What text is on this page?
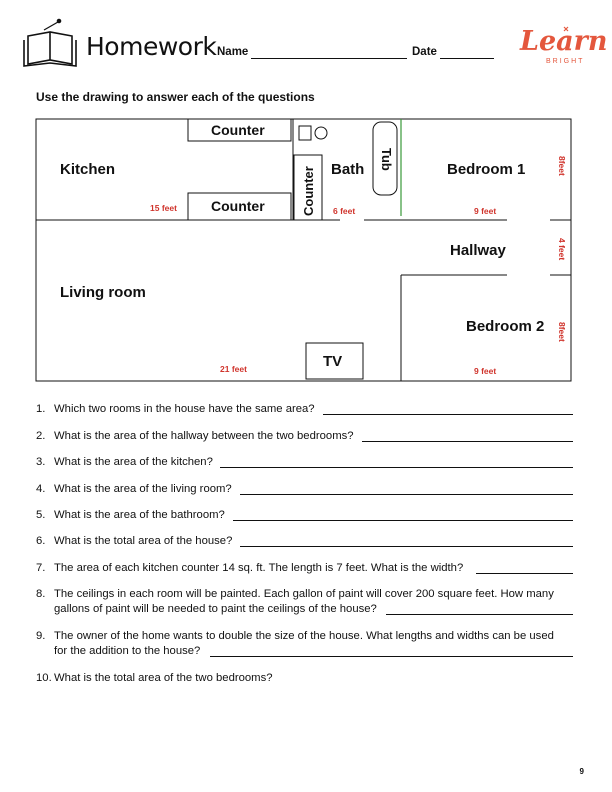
Homework Name	Date	Learn
BRIGHT
Use the drawing to answer each of the questions
Kitchen	Bath	Bedroom 1
Hallway
Living room
Bedroom 2
Counter
Counter	Counter
Tub
TV
15 feet	6 feet	9 feet
8feet
4 feet
8feet
21 feet	9 feet
1. Which two rooms in the house have the same area?
2. What is the area of the hallway between the two bedrooms?
3. What is the area of the kitchen?
4. What is the area of the living room?
5. What is the area of the bathroom?
6. What is the total area of the house?
7. The area of each kitchen counter 14 sq. ft. The length is 7 feet. What is the width?
8. The ceilings in each room will be painted. Each gallon of paint will cover 200 square feet. How many
gallons of paint will be needed to paint the ceilings of the house?
9. The owner of the home wants to double the size of the house. What lengths and widths can be used
for the addition to the house?
10. What is the total area of the two bedrooms?
9
